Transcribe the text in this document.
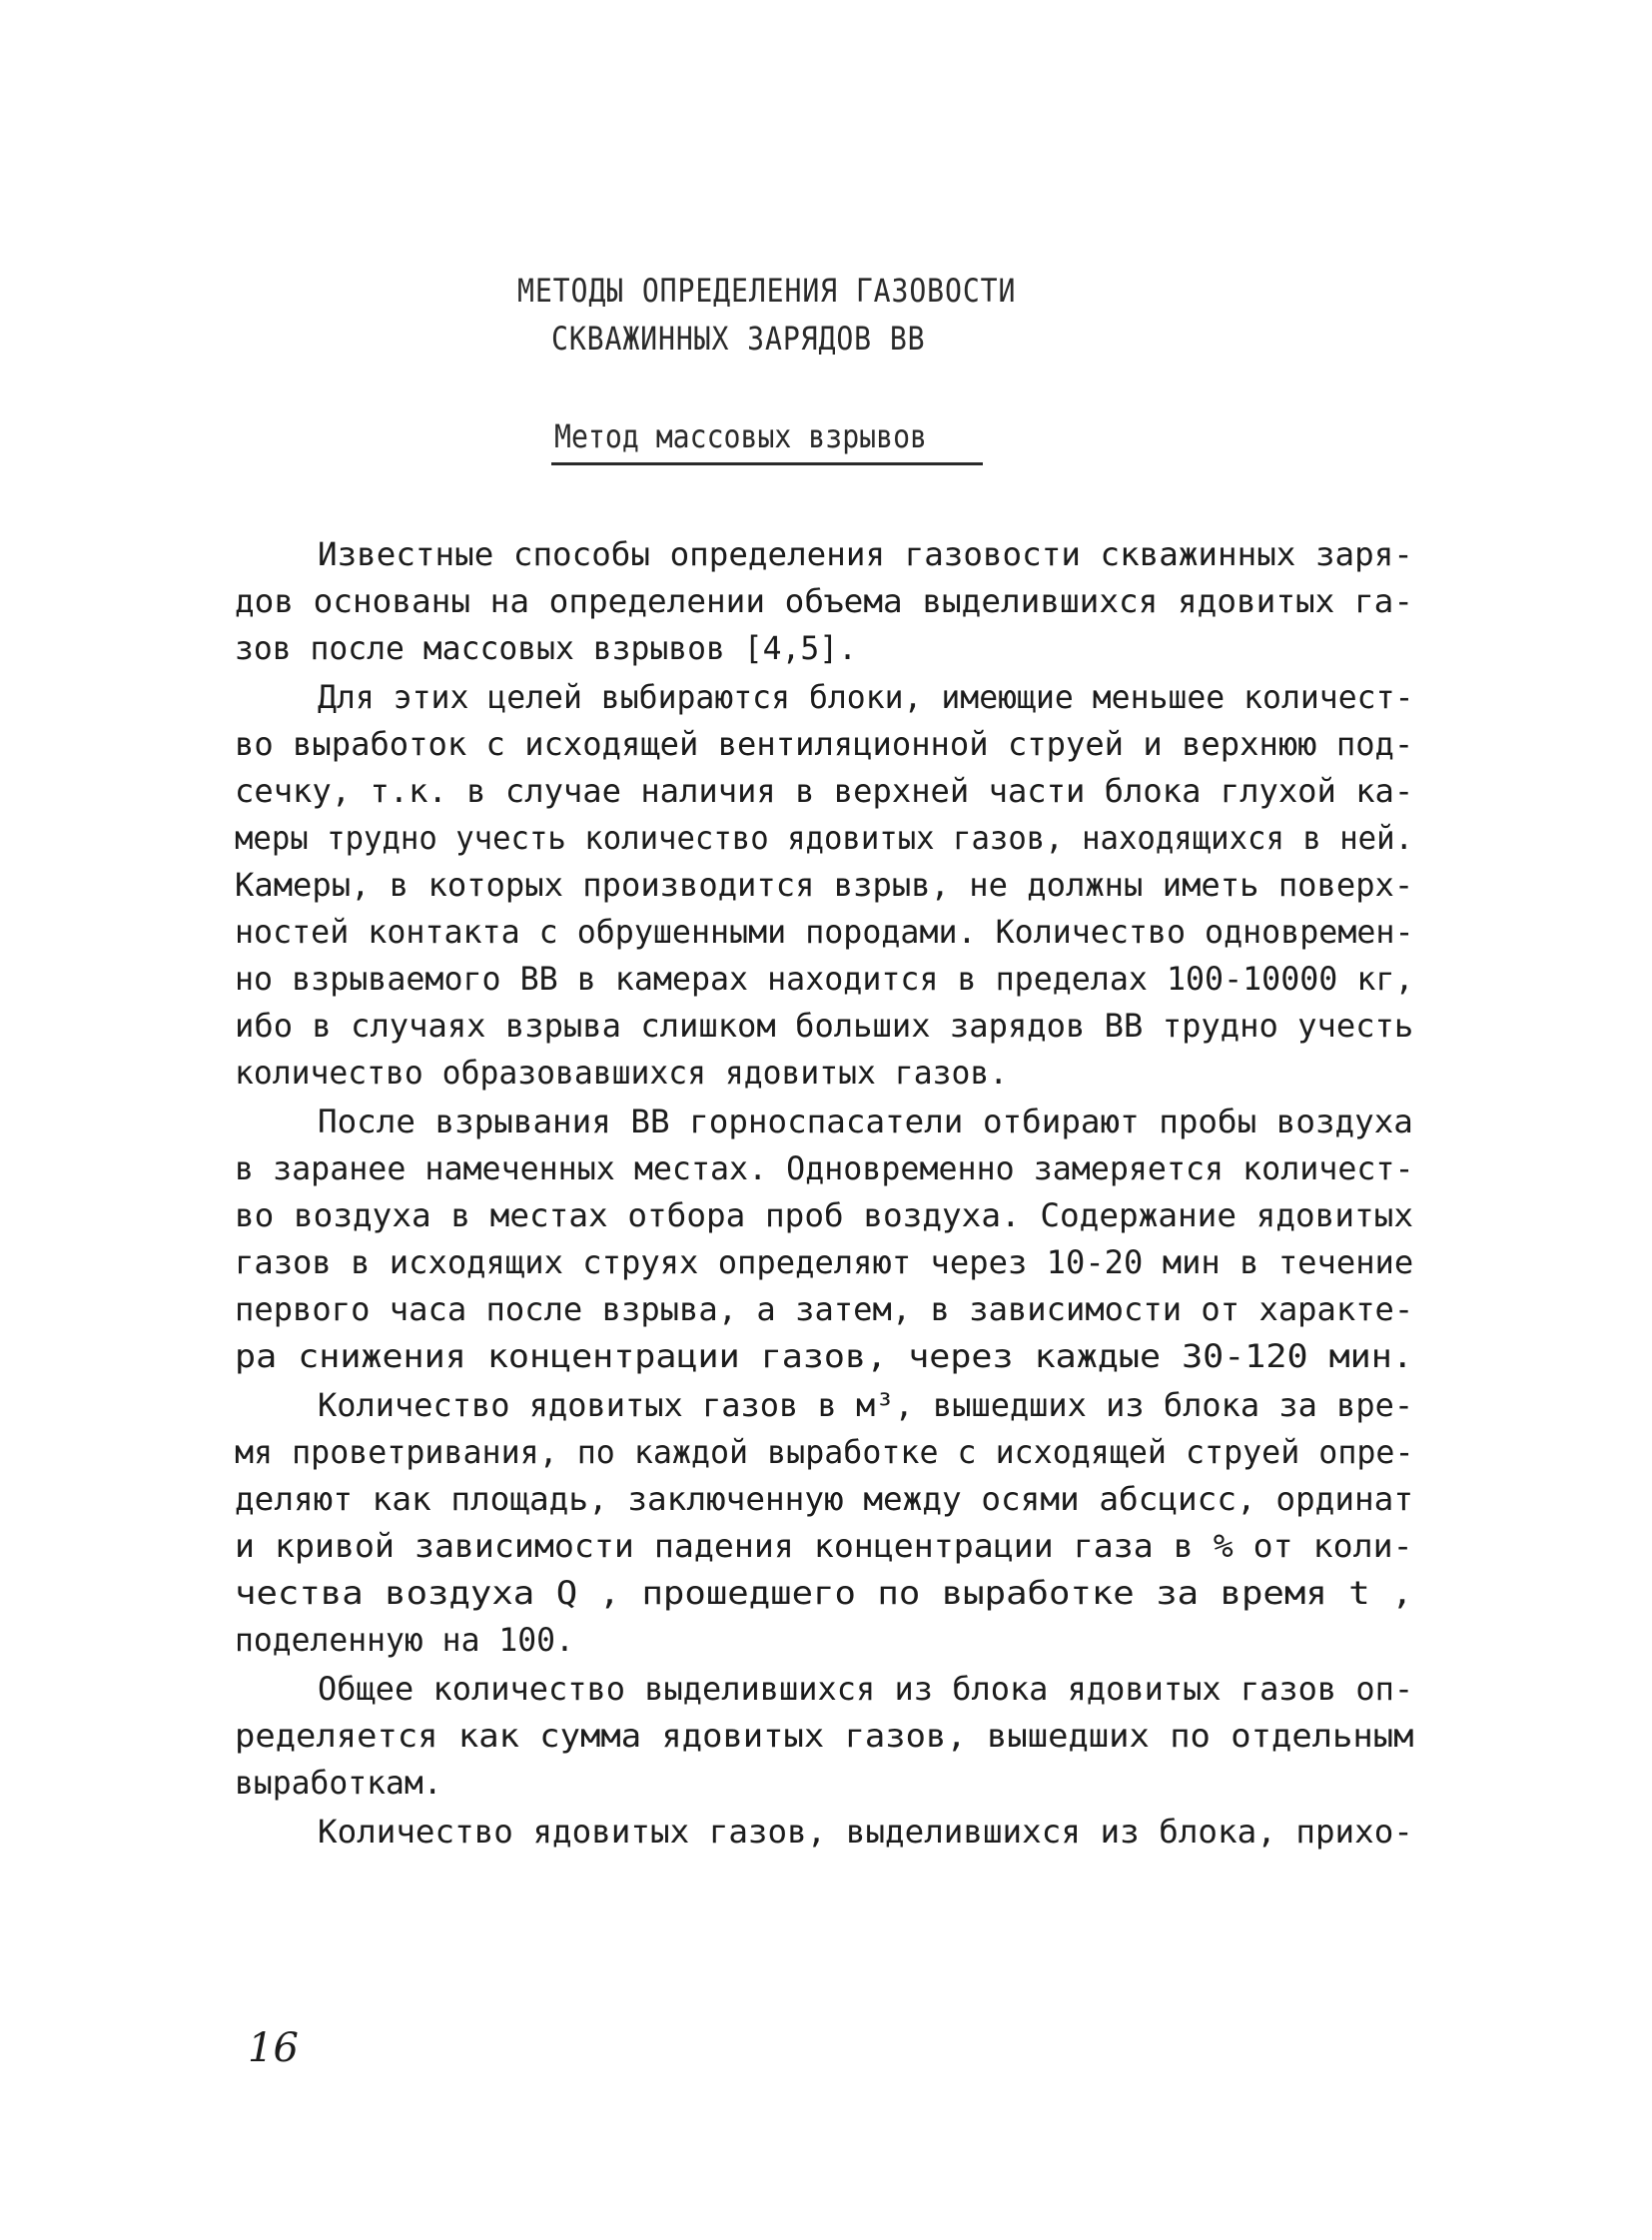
МЕТОДЫ ОПРЕДЕЛЕНИЯ ГАЗОВОСТИ
СКВАЖИННЫХ ЗАРЯДОВ ВВ
Метод массовых взрывов
Известные способы определения газовости скважинных заря-
дов основаны на определении объема выделившихся ядовитых га-
зов после массовых взрывов [4,5].
Для этих целей выбираются блоки, имеющие меньшее количест-
во выработок с исходящей вентиляционной струей и верхнюю под-
сечку, т.к. в случае наличия в верхней части блока глухой ка-
меры трудно учесть количество ядовитых газов, находящихся в ней.
Камеры, в которых производится взрыв, не должны иметь поверх-
ностей контакта с обрушенными породами. Количество одновремен-
но взрываемого ВВ в камерах находится в пределах 100-10000 кг,
ибо в случаях взрыва слишком больших зарядов ВВ трудно учесть
количество образовавшихся ядовитых газов.
После взрывания ВВ горноспасатели отбирают пробы воздуха
в заранее намеченных местах. Одновременно замеряется количест-
во воздуха в местах отбора проб воздуха. Содержание ядовитых
газов в исходящих струях определяют через 10-20 мин в течение
первого часа после взрыва, а затем, в зависимости от характе-
ра снижения концентрации газов, через каждые 30-120 мин.
Количество ядовитых газов в м³, вышедших из блока за вре-
мя проветривания, по каждой выработке с исходящей струей опре-
деляют как площадь, заключенную между осями абсцисс, ординат
и кривой зависимости падения концентрации газа в % от коли-
чества воздуха Q , прошедшего по выработке за время t ,
поделенную на 100.
Общее количество выделившихся из блока ядовитых газов оп-
ределяется как сумма ядовитых газов, вышедших по отдельным
выработкам.
Количество ядовитых газов, выделившихся из блока, прихо-
16
